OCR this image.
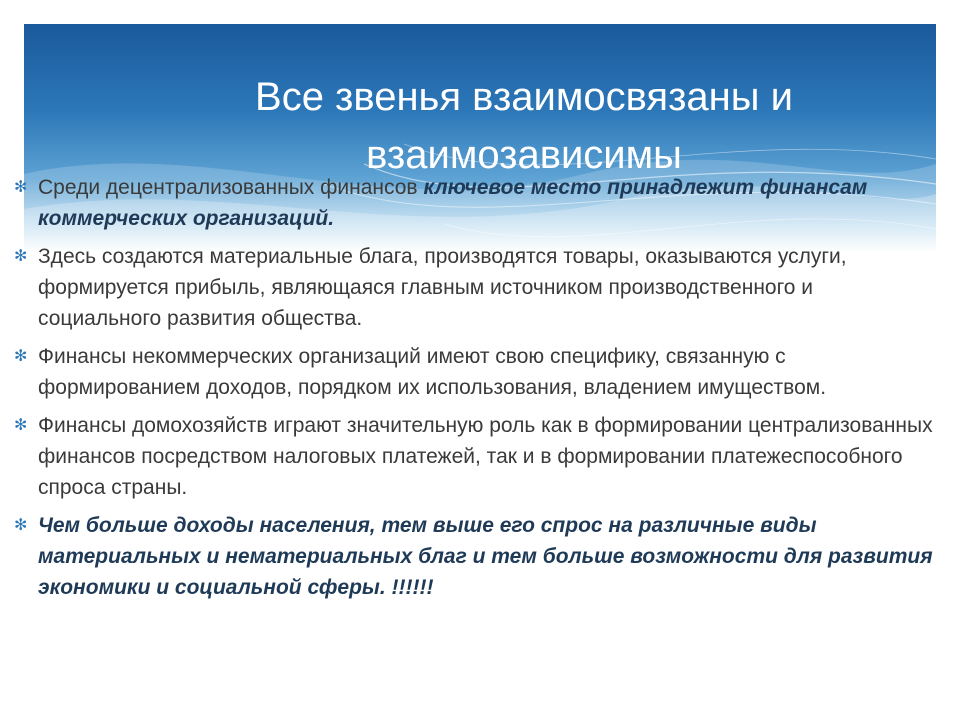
Все звенья взаимосвязаны и взаимозависимы
✻ Среди децентрализованных финансов ключевое место принадлежит финансам коммерческих организаций.
✻ Здесь создаются материальные блага, производятся товары, оказываются услуги, формируется прибыль, являющаяся главным источником производственного и социального развития общества.
✻ Финансы некоммерческих организаций имеют свою специфику, связанную с формированием доходов, порядком их использования, владением имуществом.
✻ Финансы домохозяйств играют значительную роль как в формировании централизованных финансов посредством налоговых платежей, так и в формировании платежеспособного спроса страны.
✻ Чем больше доходы населения, тем выше его спрос на различные виды материальных и нематериальных благ и тем больше возможности для развития экономики и социальной сферы. !!!!!!
